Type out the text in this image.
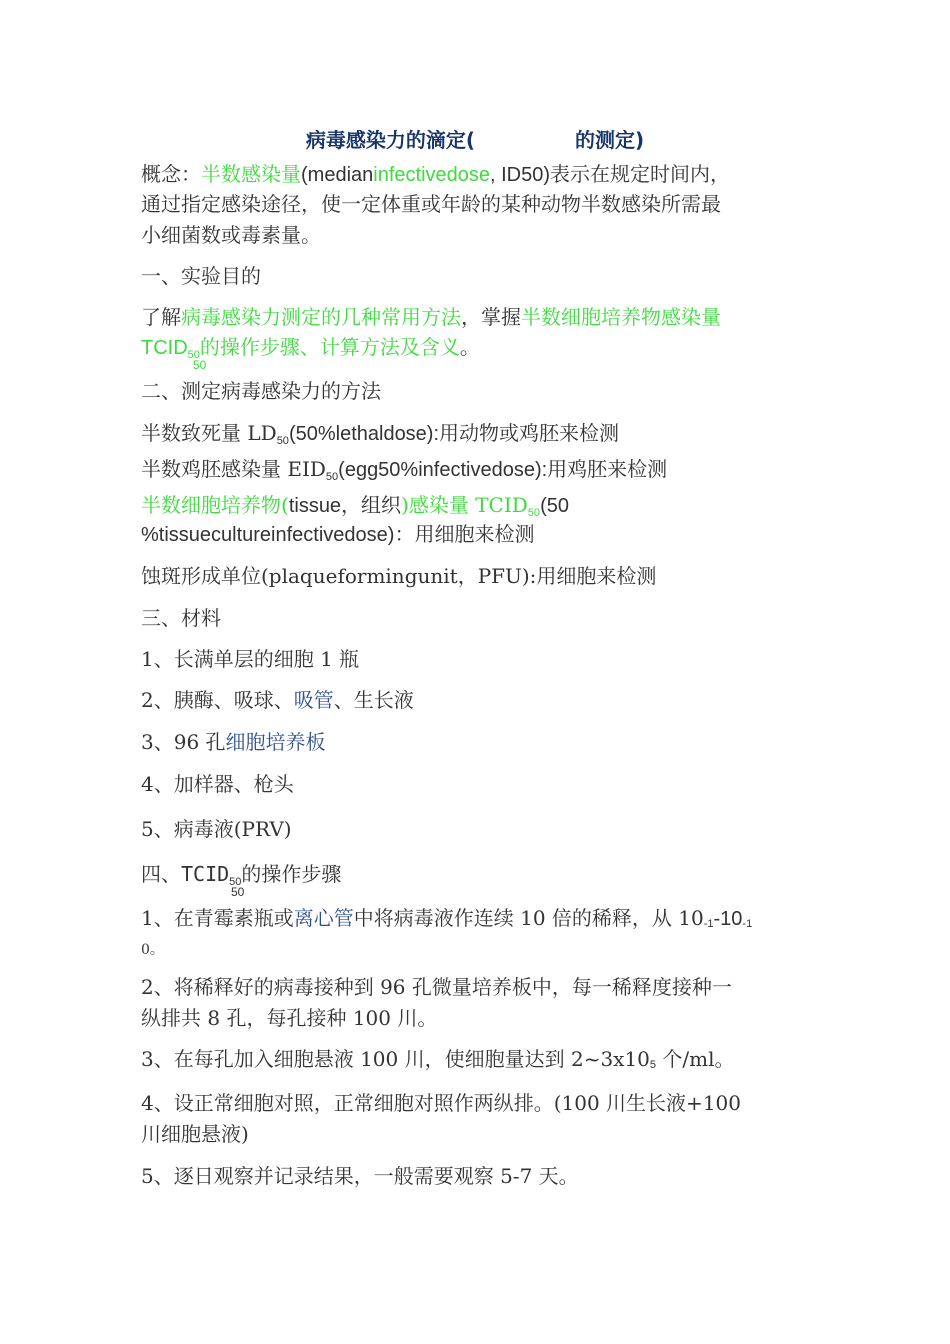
病毒感染力的滴定(	的测定)
概念：半数感染量(medianinfectivedose, ID50)表示在规定时间内，
通过指定感染途径，使一定体重或年龄的某种动物半数感染所需最
小细菌数或毒素量。
一、实验目的
了解病毒感染力测定的几种常用方法，掌握半数细胞培养物感染量
$TCID_{50}$
50
的操作步骤、计算方法及含义。
二、测定病毒感染力的方法
半数致死量 $LD_{50}(50\%lethaldose)$:用动物或鸡胚来检测
半数鸡胚感染量 $EID_{50}(egg50\%infectivedose)$:用鸡胚来检测
半数细胞培养物(tissue，组织)感染量 $TCID_{50}(50$
%tissuecultureinfectivedose)：用细胞来检测
蚀斑形成单位(plaqueformingunit，PFU):用细胞来检测
三、材料
1、长满单层的细胞 1 瓶
2、胰酶、吸球、吸管、生长液
3、96 孔细胞培养板
4、加样器、枪头
5、病毒液(PRV)
四、$TCID_{50}$
50
的操作步骤
1、在青霉素瓶或离心管中将病毒液作连续 10 倍的稀释，从 10-1-10-1
0。
2、将稀释好的病毒接种到 96 孔微量培养板中，每一稀释度接种一
纵排共 8 孔，每孔接种 100 川。
3、在每孔加入细胞悬液 100 川，使细胞量达到 2~3x105 个/ml。
4、设正常细胞对照，正常细胞对照作两纵排。(100 川生长液+100
川细胞悬液)
5、逐日观察并记录结果，一般需要观察 5-7 天。
